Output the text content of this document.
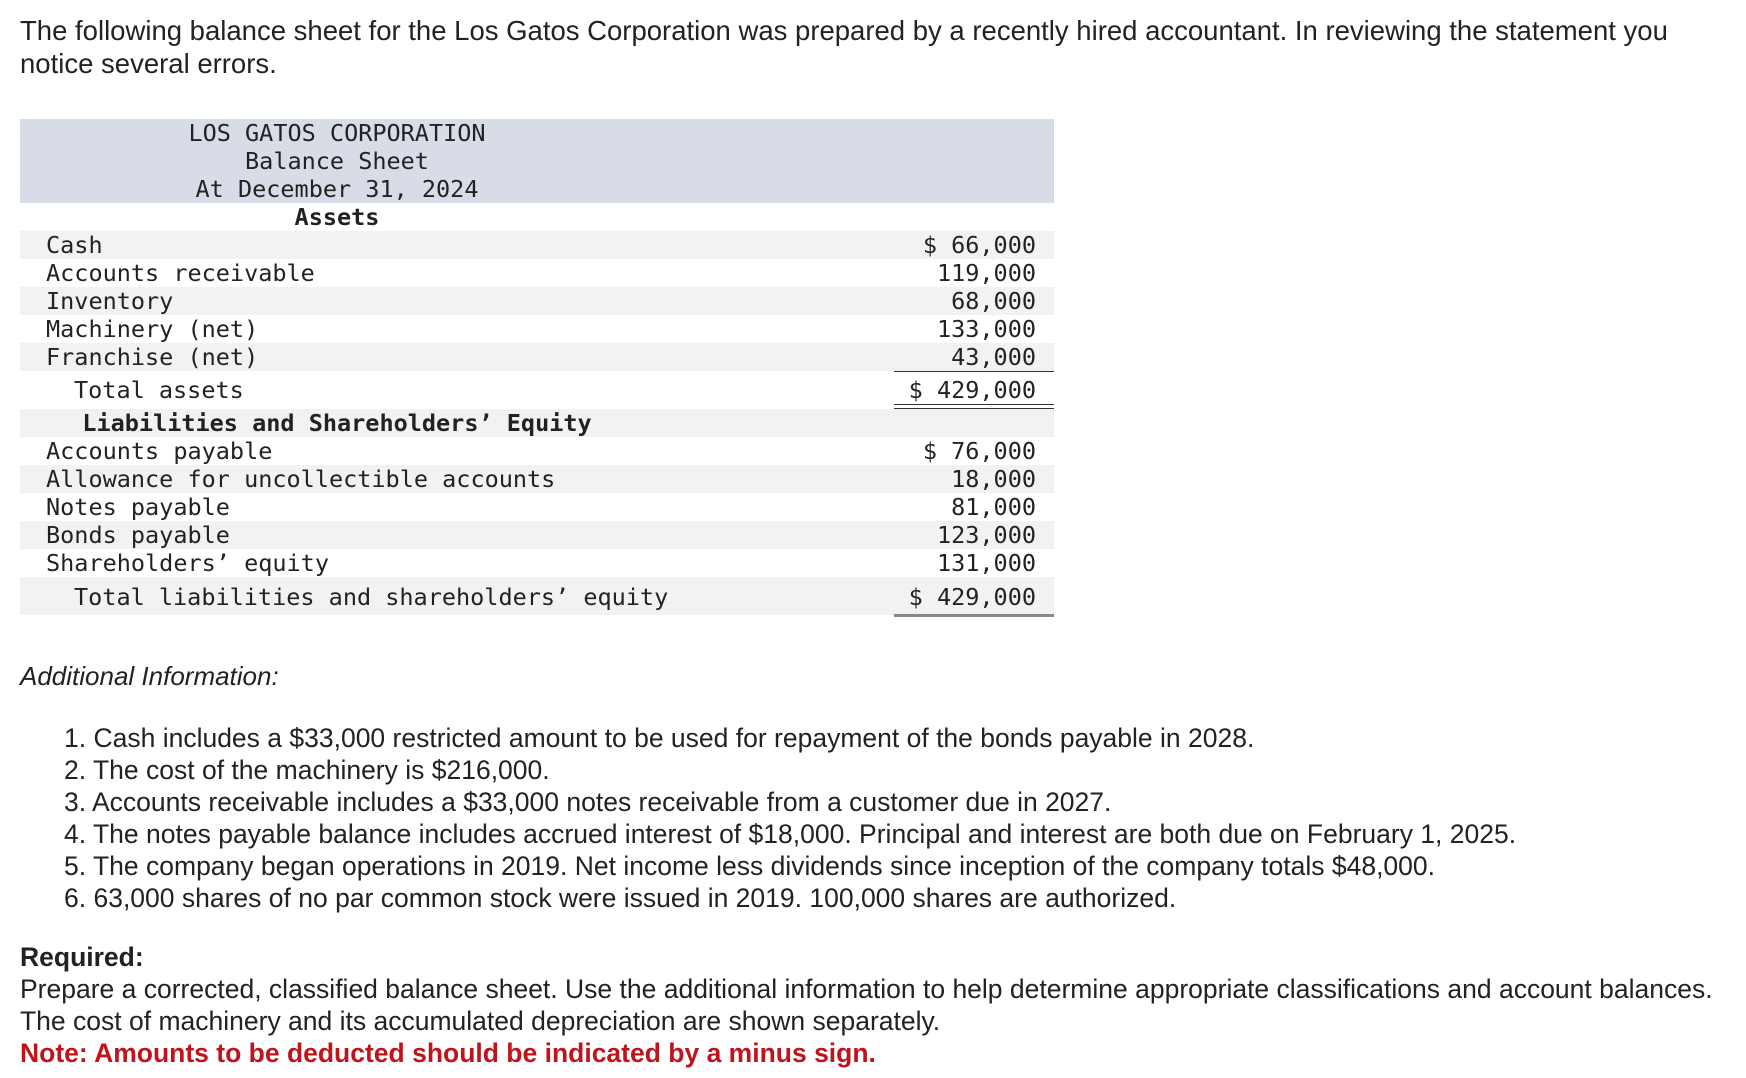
The following balance sheet for the Los Gatos Corporation was prepared by a recently hired accountant. In reviewing the statement you notice several errors.
LOS GATOS CORPORATION
Balance Sheet
At December 31, 2024
Assets
Cash	$ 66,000
Accounts receivable	119,000
Inventory	68,000
Machinery (net)	133,000
Franchise (net)	43,000
Total assets	$ 429,000
Liabilities and Shareholders’ Equity
Accounts payable	$ 76,000
Allowance for uncollectible accounts	18,000
Notes payable	81,000
Bonds payable	123,000
Shareholders’ equity	131,000
Total liabilities and shareholders’ equity	$ 429,000
Additional Information:
1. Cash includes a $33,000 restricted amount to be used for repayment of the bonds payable in 2028.
2. The cost of the machinery is $216,000.
3. Accounts receivable includes a $33,000 notes receivable from a customer due in 2027.
4. The notes payable balance includes accrued interest of $18,000. Principal and interest are both due on February 1, 2025.
5. The company began operations in 2019. Net income less dividends since inception of the company totals $48,000.
6. 63,000 shares of no par common stock were issued in 2019. 100,000 shares are authorized.
Required:
Prepare a corrected, classified balance sheet. Use the additional information to help determine appropriate classifications and account balances. The cost of machinery and its accumulated depreciation are shown separately.
Note: Amounts to be deducted should be indicated by a minus sign.
